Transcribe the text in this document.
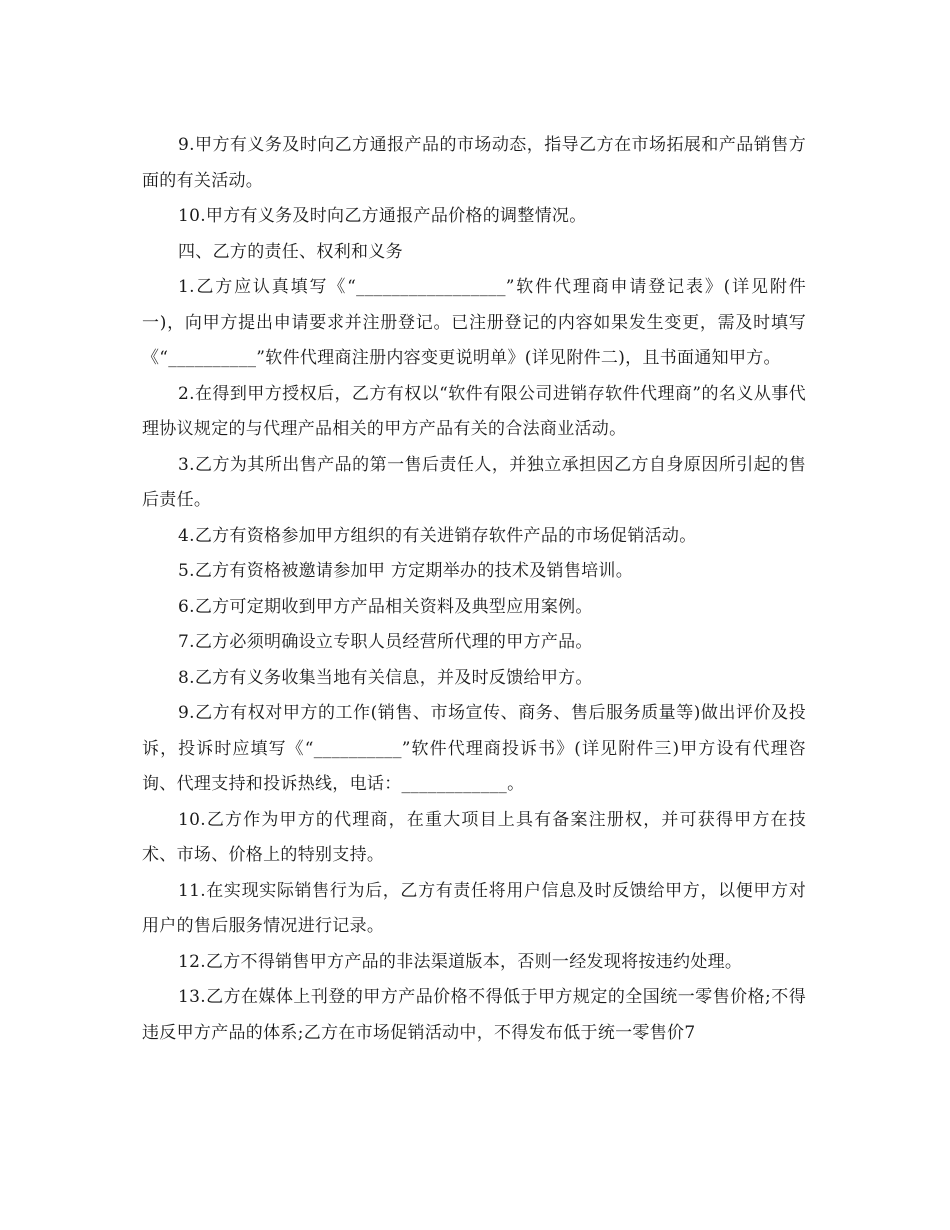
9.甲方有义务及时向乙方通报产品的市场动态，指导乙方在市场拓展和产品销售方面的有关活动。

10.甲方有义务及时向乙方通报产品价格的调整情况。

四、乙方的责任、权利和义务

1.乙方应认真填写《“_________________”软件代理商申请登记表》(详见附件一)，向甲方提出申请要求并注册登记。已注册登记的内容如果发生变更，需及时填写《“__________”软件代理商注册内容变更说明单》(详见附件二)，且书面通知甲方。

2.在得到甲方授权后，乙方有权以“软件有限公司进销存软件代理商”的名义从事代理协议规定的与代理产品相关的甲方产品有关的合法商业活动。

3.乙方为其所出售产品的第一售后责任人，并独立承担因乙方自身原因所引起的售后责任。

4.乙方有资格参加甲方组织的有关进销存软件产品的市场促销活动。

5.乙方有资格被邀请参加甲 方定期举办的技术及销售培训。

6.乙方可定期收到甲方产品相关资料及典型应用案例。

7.乙方必须明确设立专职人员经营所代理的甲方产品。

8.乙方有义务收集当地有关信息，并及时反馈给甲方。

9.乙方有权对甲方的工作(销售、市场宣传、商务、售后服务质量等)做出评价及投诉，投诉时应填写《“__________”软件代理商投诉书》(详见附件三)甲方设有代理咨询、代理支持和投诉热线，电话：____________。

10.乙方作为甲方的代理商，在重大项目上具有备案注册权，并可获得甲方在技术、市场、价格上的特别支持。

11.在实现实际销售行为后，乙方有责任将用户信息及时反馈给甲方，以便甲方对用户的售后服务情况进行记录。

12.乙方不得销售甲方产品的非法渠道版本，否则一经发现将按违约处理。

13.乙方在媒体上刊登的甲方产品价格不得低于甲方规定的全国统一零售价格;不得违反甲方产品的体系;乙方在市场促销活动中，不得发布低于统一零售价7
